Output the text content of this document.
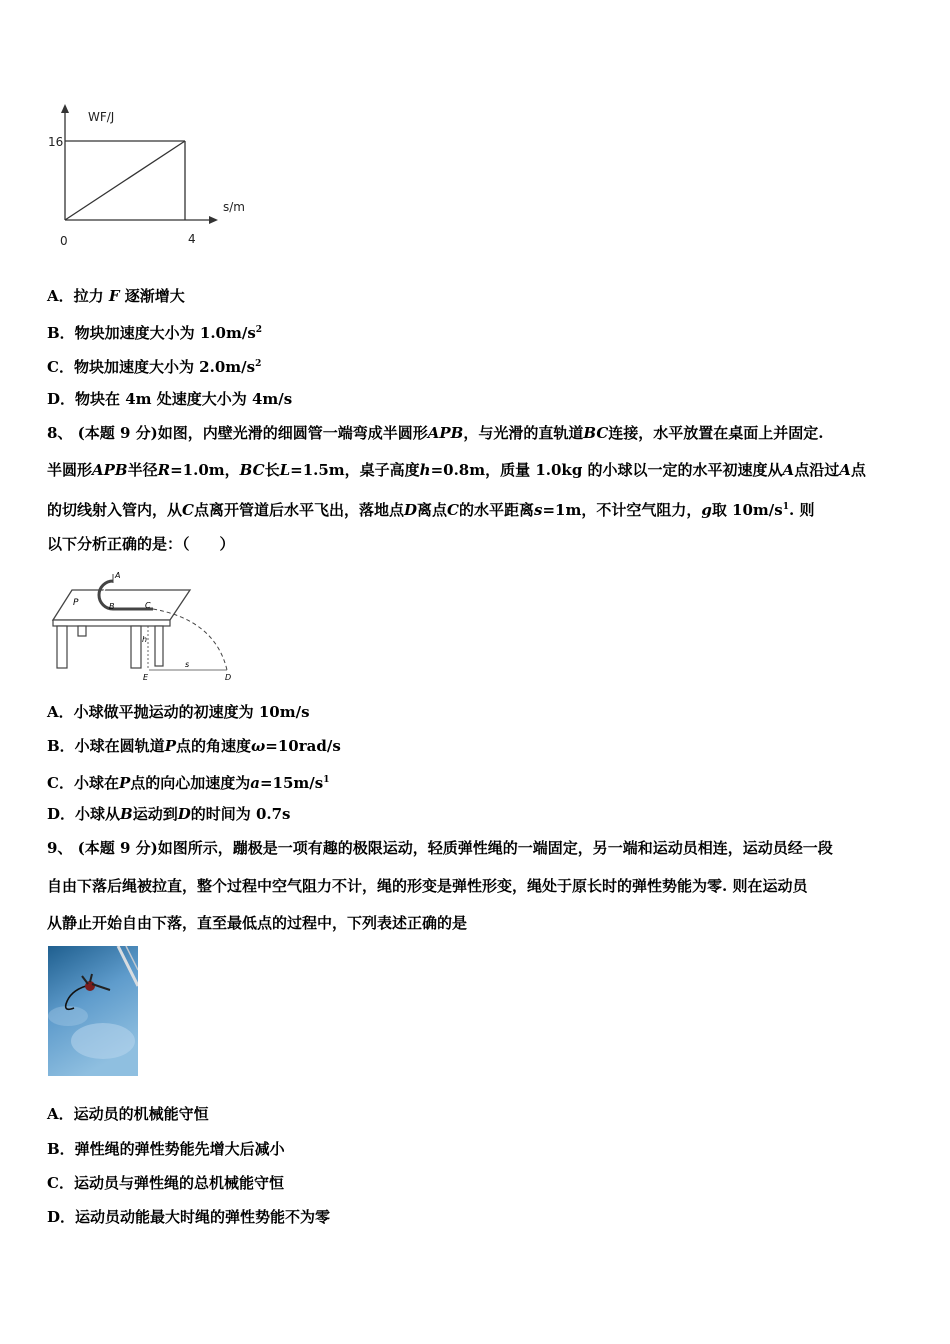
WF/J
16
s/m
0	4
A．拉力 F 逐渐增大
B．物块加速度大小为 $1.0m/s^2$
C．物块加速度大小为 $2.0m/s^2$
D．物块在 4m 处速度大小为 4m/s
8、 (本题 9 分)如图，内壁光滑的细圆管一端弯成半圆形APB，与光滑的直轨道BC连接，水平放置在桌面上并固定.
半圆形APB半径R=1.0m，BC长L=1.5m，桌子高度h=0.8m，质量 1.0kg 的小球以一定的水平初速度从A点沿过A点
的切线射入管内，从C点离开管道后水平飞出，落地点D离点C的水平距离s=1m，不计空气阻力，g取 $10m/s^1$. 则
以下分析正确的是：（　　）
A
P	B	C
h
E
s
D
A．小球做平抛运动的初速度为 10m/s
B．小球在圆轨道P点的角速度ω=10rad/s
C．小球在P点的向心加速度为$a=15m/s^1$
D．小球从B运动到D的时间为 0.7s
9、 (本题 9 分)如图所示，蹦极是一项有趣的极限运动，轻质弹性绳的一端固定，另一端和运动员相连，运动员经一段
自由下落后绳被拉直，整个过程中空气阻力不计，绳的形变是弹性形变，绳处于原长时的弹性势能为零. 则在运动员
从静止开始自由下落，直至最低点的过程中，下列表述正确的是
A．运动员的机械能守恒
B．弹性绳的弹性势能先增大后减小
C．运动员与弹性绳的总机械能守恒
D．运动员动能最大时绳的弹性势能不为零
